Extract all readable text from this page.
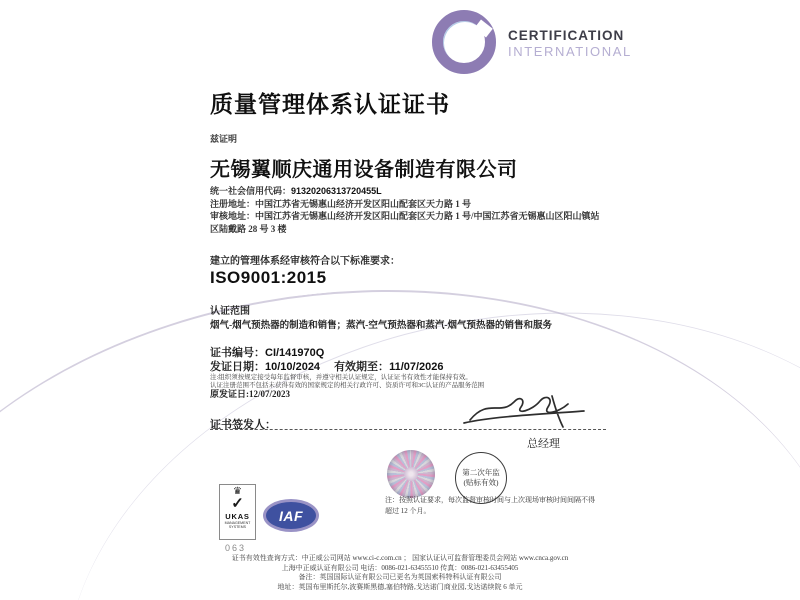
CERTIFICATION
INTERNATIONAL
质量管理体系认证证书
兹证明
无锡翼顺庆通用设备制造有限公司
统一社会信用代码：91320206313720455L
注册地址：中国江苏省无锡惠山经济开发区阳山配套区天力路 1 号
审核地址：中国江苏省无锡惠山经济开发区阳山配套区天力路 1 号/中国江苏省无锡惠山区阳山镇站区陆戴路 28 号 3 楼
建立的管理体系经审核符合以下标准要求：
ISO9001:2015
认证范围
烟气-烟气预热器的制造和销售；蒸汽-空气预热器和蒸汽-烟气预热器的销售和服务
证书编号：CI/141970Q
发证日期：10/10/2024 有效期至：11/07/2026
注:组织须按规定接受每年监督审核，并遵守相关认证规定，认证证书有效性才能保持有效。
认证注册范围不包括未获得有效的国家规定的相关行政许可、资质许可和3C认证的产品服务范围
原发证日:12/07/2023
证书签发人：
总经理
第二次年监
(贴标有效)
注：按照认证要求，每次监督审核时间与上次现场审核时间间隔不得超过 12 个月。
♛
✓
UKAS
MANAGEMENT SYSTEMS
063
IAF
证书有效性查询方式：中正威公司网站 www.ci-c.com.cn ； 国家认证认可监督管理委员会网站 www.cnca.gov.cn
上海中正威认证有限公司 电话：0086-021-63455510 传真：0086-021-63455405
备注：英国国际认证有限公司已更名为英国索科特科认证有限公司
地址：英国布里斯托尔,波赛斯黑德,塞伯特路,戈达诺门商业园,戈达诺续院 6 单元
